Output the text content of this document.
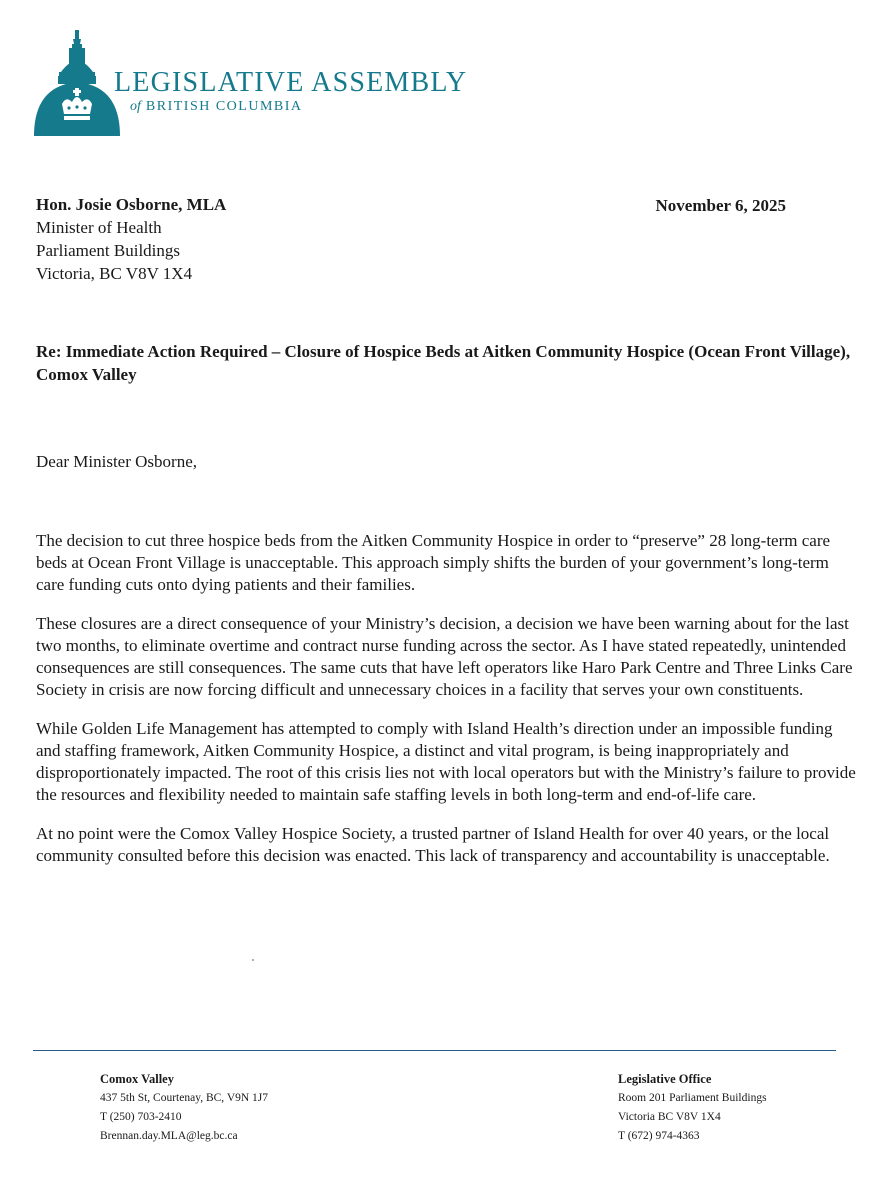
LEGISLATIVE ASSEMBLY
of BRITISH COLUMBIA
Hon. Josie Osborne, MLA
Minister of Health
Parliament Buildings
Victoria, BC V8V 1X4
November 6, 2025
Re: Immediate Action Required – Closure of Hospice Beds at Aitken Community Hospice (Ocean Front Village), Comox Valley
Dear Minister Osborne,

The decision to cut three hospice beds from the Aitken Community Hospice in order to “preserve” 28 long-term care beds at Ocean Front Village is unacceptable. This approach simply shifts the burden of your government’s long-term care funding cuts onto dying patients and their families.

These closures are a direct consequence of your Ministry’s decision, a decision we have been warning about for the last two months, to eliminate overtime and contract nurse funding across the sector. As I have stated repeatedly, unintended consequences are still consequences. The same cuts that have left operators like Haro Park Centre and Three Links Care Society in crisis are now forcing difficult and unnecessary choices in a facility that serves your own constituents.

While Golden Life Management has attempted to comply with Island Health’s direction under an impossible funding and staffing framework, Aitken Community Hospice, a distinct and vital program, is being inappropriately and disproportionately impacted. The root of this crisis lies not with local operators but with the Ministry’s failure to provide the resources and flexibility needed to maintain safe staffing levels in both long-term and end-of-life care.

At no point were the Comox Valley Hospice Society, a trusted partner of Island Health for over 40 years, or the local community consulted before this decision was enacted. This lack of transparency and accountability is unacceptable.

Comox Valley
437 5th St, Courtenay, BC, V9N 1J7
T (250) 703-2410
Brennan.day.MLA@leg.bc.ca
Legislative Office
Room 201 Parliament Buildings
Victoria BC V8V 1X4
T (672) 974-4363
